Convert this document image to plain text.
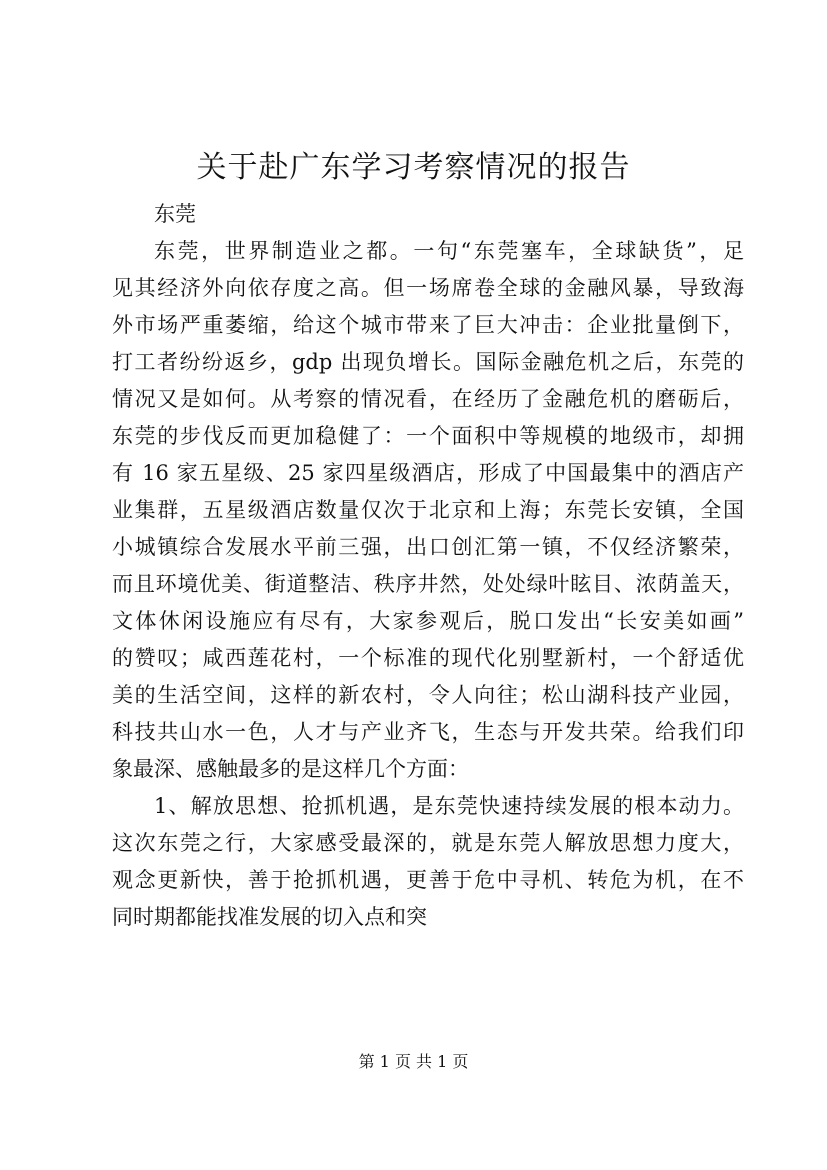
关于赴广东学习考察情况的报告
东莞
东莞，世界制造业之都。一句“东莞塞车，全球缺货”，足
见其经济外向依存度之高。但一场席卷全球的金融风暴，导致海
外市场严重萎缩，给这个城市带来了巨大冲击：企业批量倒下，
打工者纷纷返乡，gdp 出现负增长。国际金融危机之后，东莞的
情况又是如何。从考察的情况看，在经历了金融危机的磨砺后，
东莞的步伐反而更加稳健了：一个面积中等规模的地级市，却拥
有 16 家五星级、25 家四星级酒店，形成了中国最集中的酒店产
业集群，五星级酒店数量仅次于北京和上海；东莞长安镇，全国
小城镇综合发展水平前三强，出口创汇第一镇，不仅经济繁荣，
而且环境优美、街道整洁、秩序井然，处处绿叶眩目、浓荫盖天，
文体休闲设施应有尽有，大家参观后，脱口发出“长安美如画”
的赞叹；咸西莲花村，一个标准的现代化别墅新村，一个舒适优
美的生活空间，这样的新农村，令人向往；松山湖科技产业园，
科技共山水一色，人才与产业齐飞，生态与开发共荣。给我们印
象最深、感触最多的是这样几个方面：
1、解放思想、抢抓机遇，是东莞快速持续发展的根本动力。
这次东莞之行，大家感受最深的，就是东莞人解放思想力度大，
观念更新快，善于抢抓机遇，更善于危中寻机、转危为机，在不
同时期都能找准发展的切入点和突
第 1 页 共 1 页
